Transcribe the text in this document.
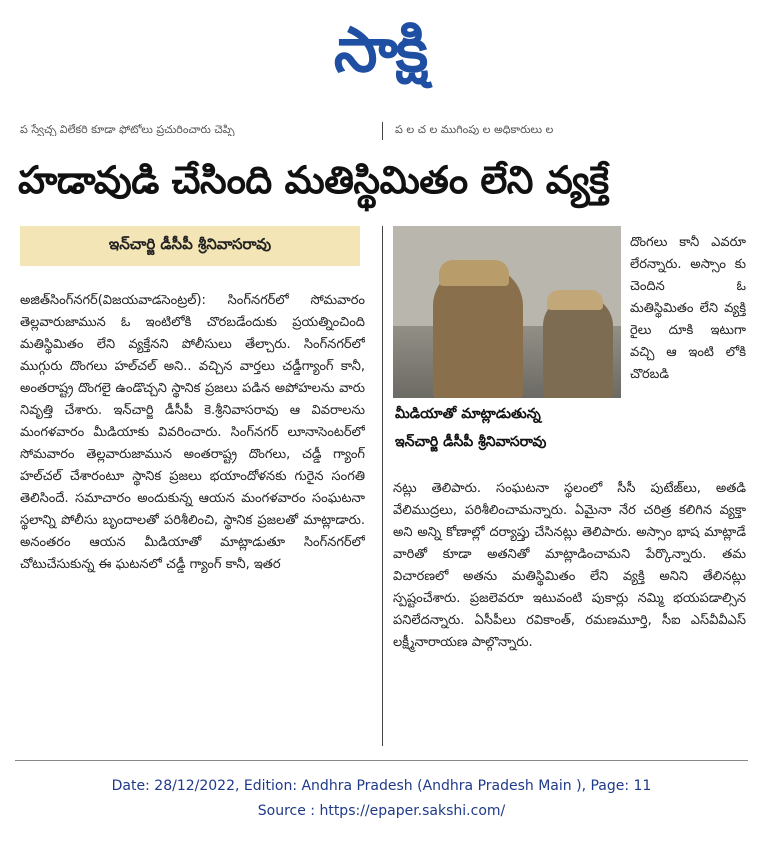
సాక్షి
ప స్వేచ్ఛ విలేకరి కూడా ఫోటోలు ప్రచురించారు చెప్పి	ప ల చ ల ముగింపు ల అధికారులు ల
హడావుడి చేసింది మతిస్థిమితం లేని వ్యక్తే
ఇన్‌చార్జి డీసీపీ శ్రీనివాసరావు

అజిత్‌సింగ్‌నగర్(విజయవాడసెంట్రల్): సింగ్‌నగర్‌లో సోమవారం తెల్లవారుజామున ఓ ఇంటిలోకి చొరబడేందుకు ప్రయత్నించింది మతిస్థిమితం లేని వ్యక్తేనని పోలీసులు తేల్చారు. సింగ్‌నగర్‌లో ముగ్గురు దొంగలు హల్‌చల్ అని.. వచ్చిన వార్తలు చడ్డీగ్యాంగ్ కానీ, అంతరాష్ట్ర దొంగలై ఉండొచ్చని స్థానిక ప్రజలు పడిన అపోహలను వారు నివృత్తి చేశారు. ఇన్‌చార్జి డీసీపీ కె.శ్రీనివాసరావు ఆ వివరాలను మంగళవారం మీడియాకు వివరించారు. సింగ్‌నగర్ లూనాసెంటర్‌లో సోమవారం తెల్లవారుజామున అంతరాష్ట్ర దొంగలు, చడ్డీ గ్యాంగ్ హల్‌చల్ చేశారంటూ స్థానిక ప్రజలు భయాందోళనకు గురైన సంగతి తెలిసిందే. సమాచారం అందుకున్న ఆయన మంగళవారం సంఘటనా స్థలాన్ని పోలీసు బృందాలతో పరిశీలించి, స్థానిక ప్రజలతో మాట్లాడారు. అనంతరం ఆయన మీడియాతో మాట్లాడుతూ సింగ్‌నగర్‌లో చోటుచేసుకున్న ఈ ఘటనలో చడ్డీ గ్యాంగ్ కానీ, ఇతర

మీడియాతో మాట్లాడుతున్న
ఇన్‌చార్జి డీసీపీ శ్రీనివాసరావు

దొంగలు కానీ ఎవరూ లేరన్నారు. అస్సాం కు చెందిన ఓ మతిస్థిమితం లేని వ్యక్తి రైలు దూకి ఇటుగా వచ్చి ఆ ఇంటి లోకి చొరబడి

నట్లు తెలిపారు. సంఘటనా స్థలంలో సీసీ పుటేజ్‌లు, అతడి వేలిముద్రలు, పరిశీలించామన్నారు. ఏమైనా నేర చరిత్ర కలిగిన వ్యక్తా అని అన్ని కోణాల్లో దర్యాప్తు చేసినట్లు తెలిపారు. అస్సాం భాష మాట్లాడే వారితో కూడా అతనితో మాట్లాడించామని పేర్కొన్నారు. తమ విచారణలో అతను మతిస్థిమితం లేని వ్యక్తి అనిని తేలినట్లు స్పష్టంచేశారు. ప్రజలెవరూ ఇటువంటి పుకార్లు నమ్మి భయపడాల్సిన పనిలేదన్నారు. ఏసీపీలు రవికాంత్, రమణమూర్తి, సీఐ ఎస్‌వీవీఎస్ లక్ష్మీనారాయణ పాల్గొన్నారు.

Date: 28/12/2022, Edition: Andhra Pradesh (Andhra Pradesh Main ), Page: 11
Source : https://epaper.sakshi.com/
